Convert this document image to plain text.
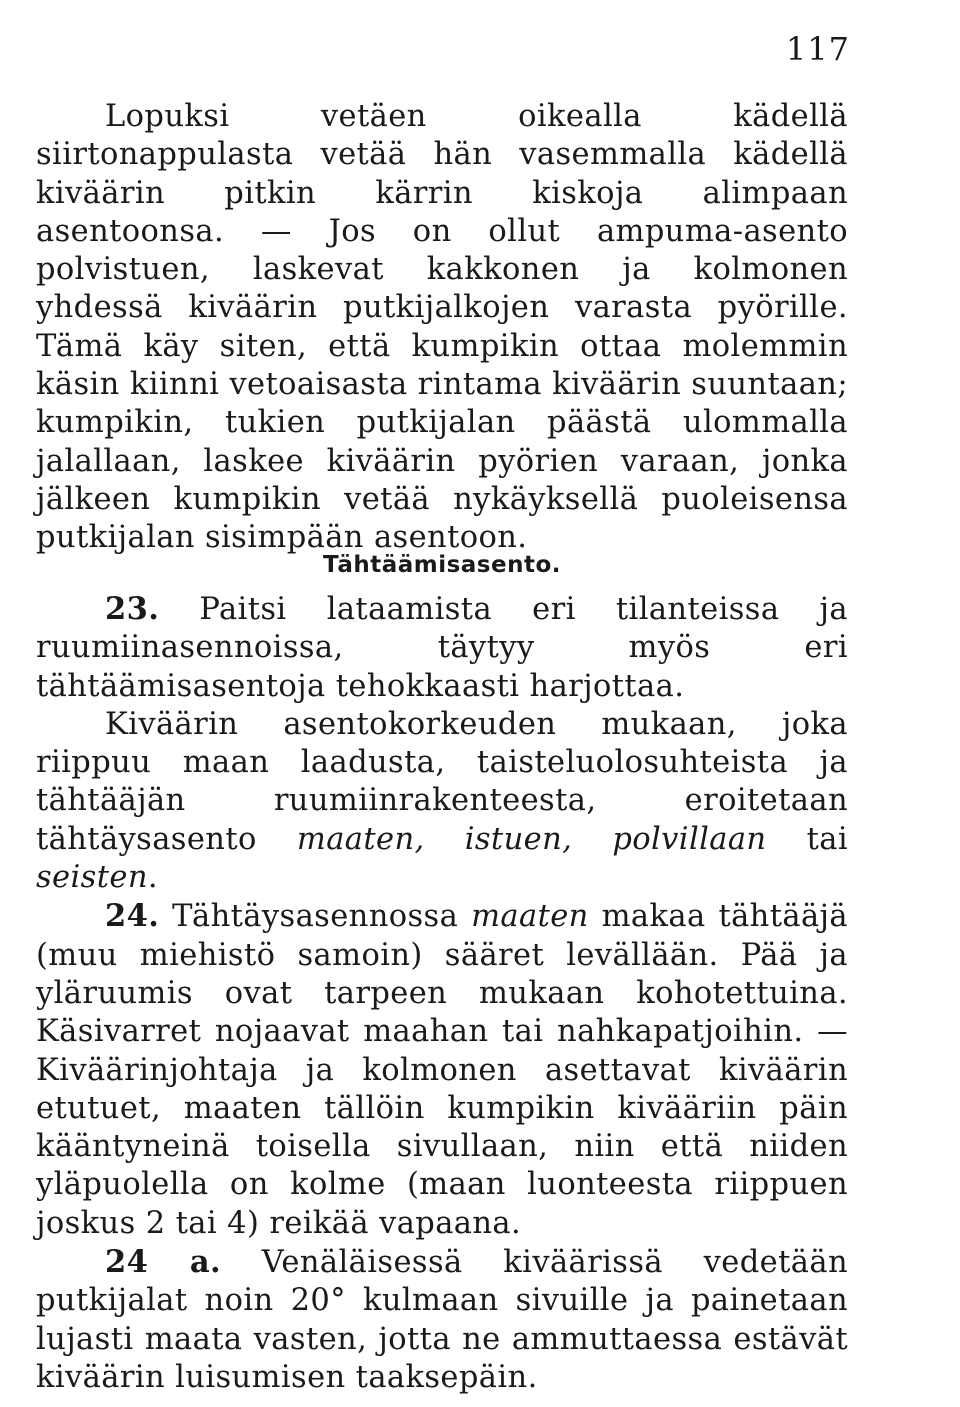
117

Lopuksi vetäen oikealla kädellä siirtonappulasta vetää hän vasemmalla kädellä kiväärin pitkin kärrin kiskoja alimpaan asentoonsa. — Jos on ollut ampuma-asento polvistuen, laskevat kakkonen ja kolmonen yhdessä kiväärin putkijalkojen varasta pyörille. Tämä käy siten, että kumpikin ottaa molemmin käsin kiinni vetoaisasta rintama kiväärin suuntaan; kumpikin, tukien putkijalan päästä ulommalla jalallaan, laskee kiväärin pyörien varaan, jonka jälkeen kumpikin vetää nykäyksellä puoleisensa putkijalan sisimpään asentoon.

Tähtäämisasento.

23. Paitsi lataamista eri tilanteissa ja ruumiinasennoissa, täytyy myös eri tähtäämisasentoja tehokkaasti harjottaa.

Kiväärin asentokorkeuden mukaan, joka riippuu maan laadusta, taisteluolosuhteista ja tähtääjän ruumiinrakenteesta, eroitetaan tähtäysasento maaten, istuen, polvillaan tai seisten.

24. Tähtäysasennossa maaten makaa tähtääjä (muu miehistö samoin) sääret levällään. Pää ja yläruumis ovat tarpeen mukaan kohotettuina. Käsivarret nojaavat maahan tai nahkapatjoihin. — Kiväärinjohtaja ja kolmonen asettavat kiväärin etutuet, maaten tällöin kumpikin kivääriin päin kääntyneinä toisella sivullaan, niin että niiden yläpuolella on kolme (maan luonteesta riippuen joskus 2 tai 4) reikää vapaana.

24 a. Venäläisessä kiväärissä vedetään putkijalat noin 20° kulmaan sivuille ja painetaan lujasti maata vasten, jotta ne ammuttaessa estävät kiväärin luisumisen taaksepäin.
